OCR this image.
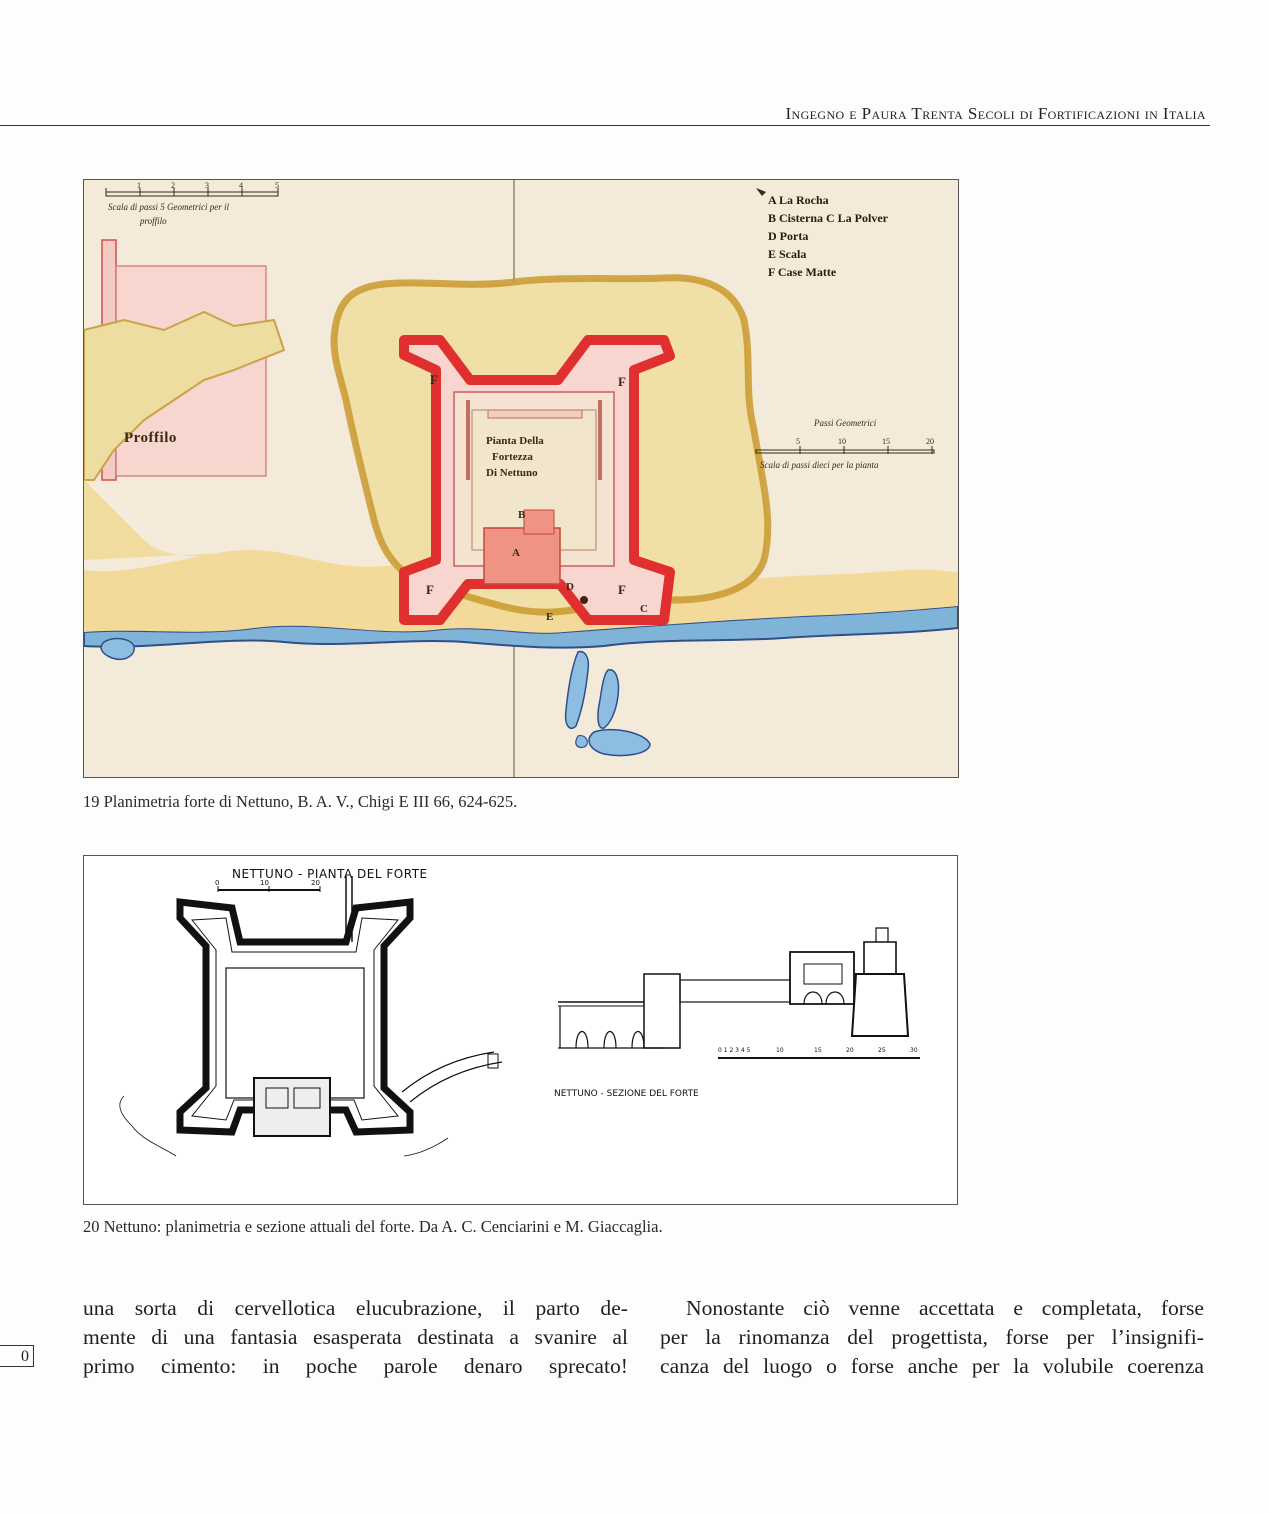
Ingegno e Paura Trenta Secoli di Fortificazioni in Italia
Proffilo	Pianta Della
Fortezza
Di Nettuno
F	F
F	F
B
A
D
E
C
A La Rocha
B Cisterna C La Polver
D Porta
E Scala
F Case Matte
1	2	3	4	5
Scala di passi 5 Geometrici per il
proffilo
Passi Geometrici
5	10	15	20
Scala di passi dieci per la pianta
19 Planimetria forte di Nettuno, B. A. V., Chigi E III 66, 624-625.
NETTUNO - PIANTA DEL FORTE
0	10	20
0 1 2 3 4 5	10	15	20	25	30
NETTUNO - SEZIONE DEL FORTE
20 Nettuno: planimetria e sezione attuali del forte. Da A. C. Cenciarini e M. Giaccaglia.
una sorta di cervellotica elucubrazione, il parto de-
mente di una fantasia esasperata destinata a svanire al
primo cimento: in poche parole denaro sprecato!
Nonostante ciò venne accettata e completata, forse
per la rinomanza del progettista, forse per l’insignifi-
canza del luogo o forse anche per la volubile coerenza
0
